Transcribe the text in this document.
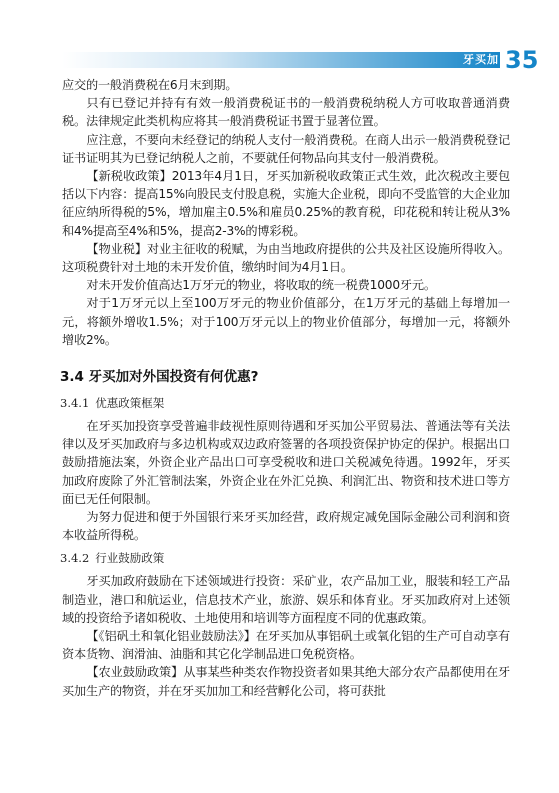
牙买加 35

应交的一般消费税在6月末到期。

只有已登记并持有有效一般消费税证书的一般消费税纳税人方可收取普通消费税。法律规定此类机构应将其一般消费税证书置于显著位置。

应注意，不要向未经登记的纳税人支付一般消费税。在商人出示一般消费税登记证书证明其为已登记纳税人之前，不要就任何物品向其支付一般消费税。

【新税收政策】2013年4月1日，牙买加新税收政策正式生效，此次税改主要包括以下内容：提高15%向股民支付股息税，实施大企业税，即向不受监管的大企业加征应纳所得税的5%，增加雇主0.5%和雇员0.25%的教育税，印花税和转让税从3%和4%提高至4%和5%，提高2-3%的博彩税。

【物业税】对业主征收的税赋，为由当地政府提供的公共及社区设施所得收入。这项税费针对土地的未开发价值，缴纳时间为4月1日。

对未开发价值高达1万牙元的物业，将收取的统一税费1000牙元。

对于1万牙元以上至100万牙元的物业价值部分，在1万牙元的基础上每增加一元，将额外增收1.5%；对于100万牙元以上的物业价值部分，每增加一元，将额外增收2%。

3.4 牙买加对外国投资有何优惠?
3.4.1 优惠政策框架

在牙买加投资享受普遍非歧视性原则待遇和牙买加公平贸易法、普通法等有关法律以及牙买加政府与多边机构或双边政府签署的各项投资保护协定的保护。根据出口鼓励措施法案，外资企业产品出口可享受税收和进口关税减免待遇。1992年，牙买加政府废除了外汇管制法案，外资企业在外汇兑换、利润汇出、物资和技术进口等方面已无任何限制。

为努力促进和便于外国银行来牙买加经营，政府规定减免国际金融公司利润和资本收益所得税。

3.4.2 行业鼓励政策

牙买加政府鼓励在下述领域进行投资：采矿业，农产品加工业，服装和轻工产品制造业，港口和航运业，信息技术产业，旅游、娱乐和体育业。牙买加政府对上述领域的投资给予诸如税收、土地使用和培训等方面程度不同的优惠政策。

【《铝矾土和氧化铝业鼓励法》】在牙买加从事铝矾土或氧化铝的生产可自动享有资本货物、润滑油、油脂和其它化学制品进口免税资格。

【农业鼓励政策】从事某些种类农作物投资者如果其绝大部分农产品都使用在牙买加生产的物资，并在牙买加加工和经营孵化公司，将可获批
